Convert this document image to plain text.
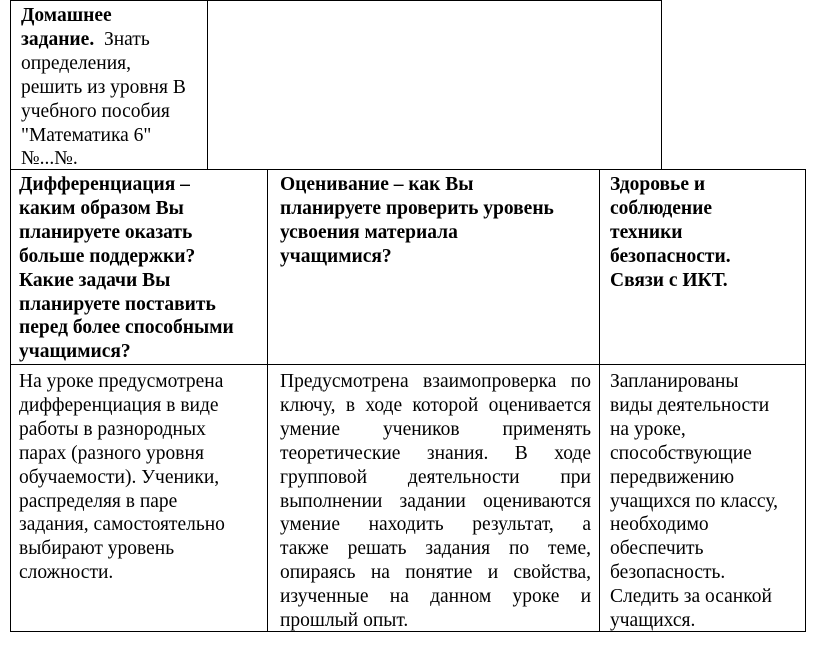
Домашнее
задание. Знать
определения,
решить из уровня В
учебного пособия
"Математика 6"
№...№.
Дифференциация –
каким образом Вы
планируете оказать
больше поддержки?
Какие задачи Вы
планируете поставить
перед более способными
учащимися?
Оценивание – как Вы
планируете проверить уровень
усвоения материала
учащимися?
Здоровье и
соблюдение
техники
безопасности.
Связи с ИКТ.
На уроке предусмотрена
дифференциация в виде
работы в разнородных
парах (разного уровня
обучаемости). Ученики,
распределяя в паре
задания, самостоятельно
выбирают уровень
сложности.
Предусмотрена взаимопроверка по
ключу, в ходе которой оценивается
умение учеников применять
теоретические знания. В ходе
групповой деятельности при
выполнении задании оцениваются
умение находить результат, а
также решать задания по теме,
опираясь на понятие и свойства,
изученные на данном уроке и
прошлый опыт.
Запланированы
виды деятельности
на уроке,
способствующие
передвижению
учащихся по классу,
необходимо
обеспечить
безопасность.
Следить за осанкой
учащихся.
